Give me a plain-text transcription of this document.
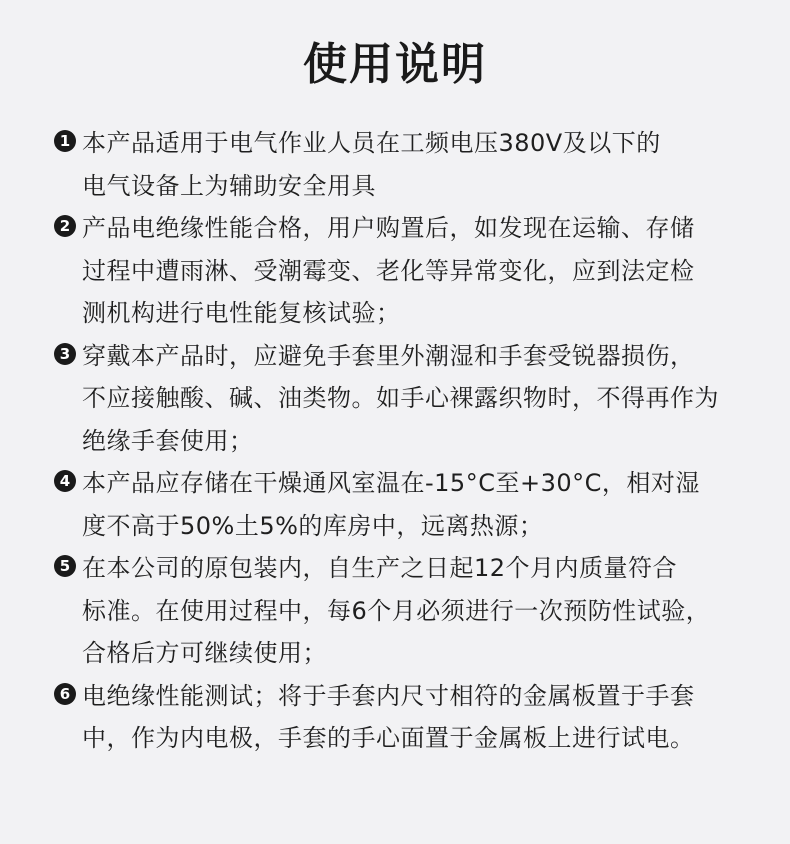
使用说明
1 本产品适用于电气作业人员在工频电压380V及以下的
电气设备上为辅助安全用具
2 产品电绝缘性能合格，用户购置后，如发现在运输、存储
过程中遭雨淋、受潮霉变、老化等异常变化，应到法定检
测机构进行电性能复核试验；
3 穿戴本产品时，应避免手套里外潮湿和手套受锐器损伤，
不应接触酸、碱、油类物。如手心裸露织物时，不得再作为
绝缘手套使用；
4 本产品应存储在干燥通风室温在-15°C至+30°C，相对湿
度不高于50%土5%的库房中，远离热源；
5 在本公司的原包装内，自生产之日起12个月内质量符合
标准。在使用过程中，每6个月必须进行一次预防性试验，
合格后方可继续使用；
6 电绝缘性能测试；将于手套内尺寸相符的金属板置于手套
中，作为内电极，手套的手心面置于金属板上进行试电。
